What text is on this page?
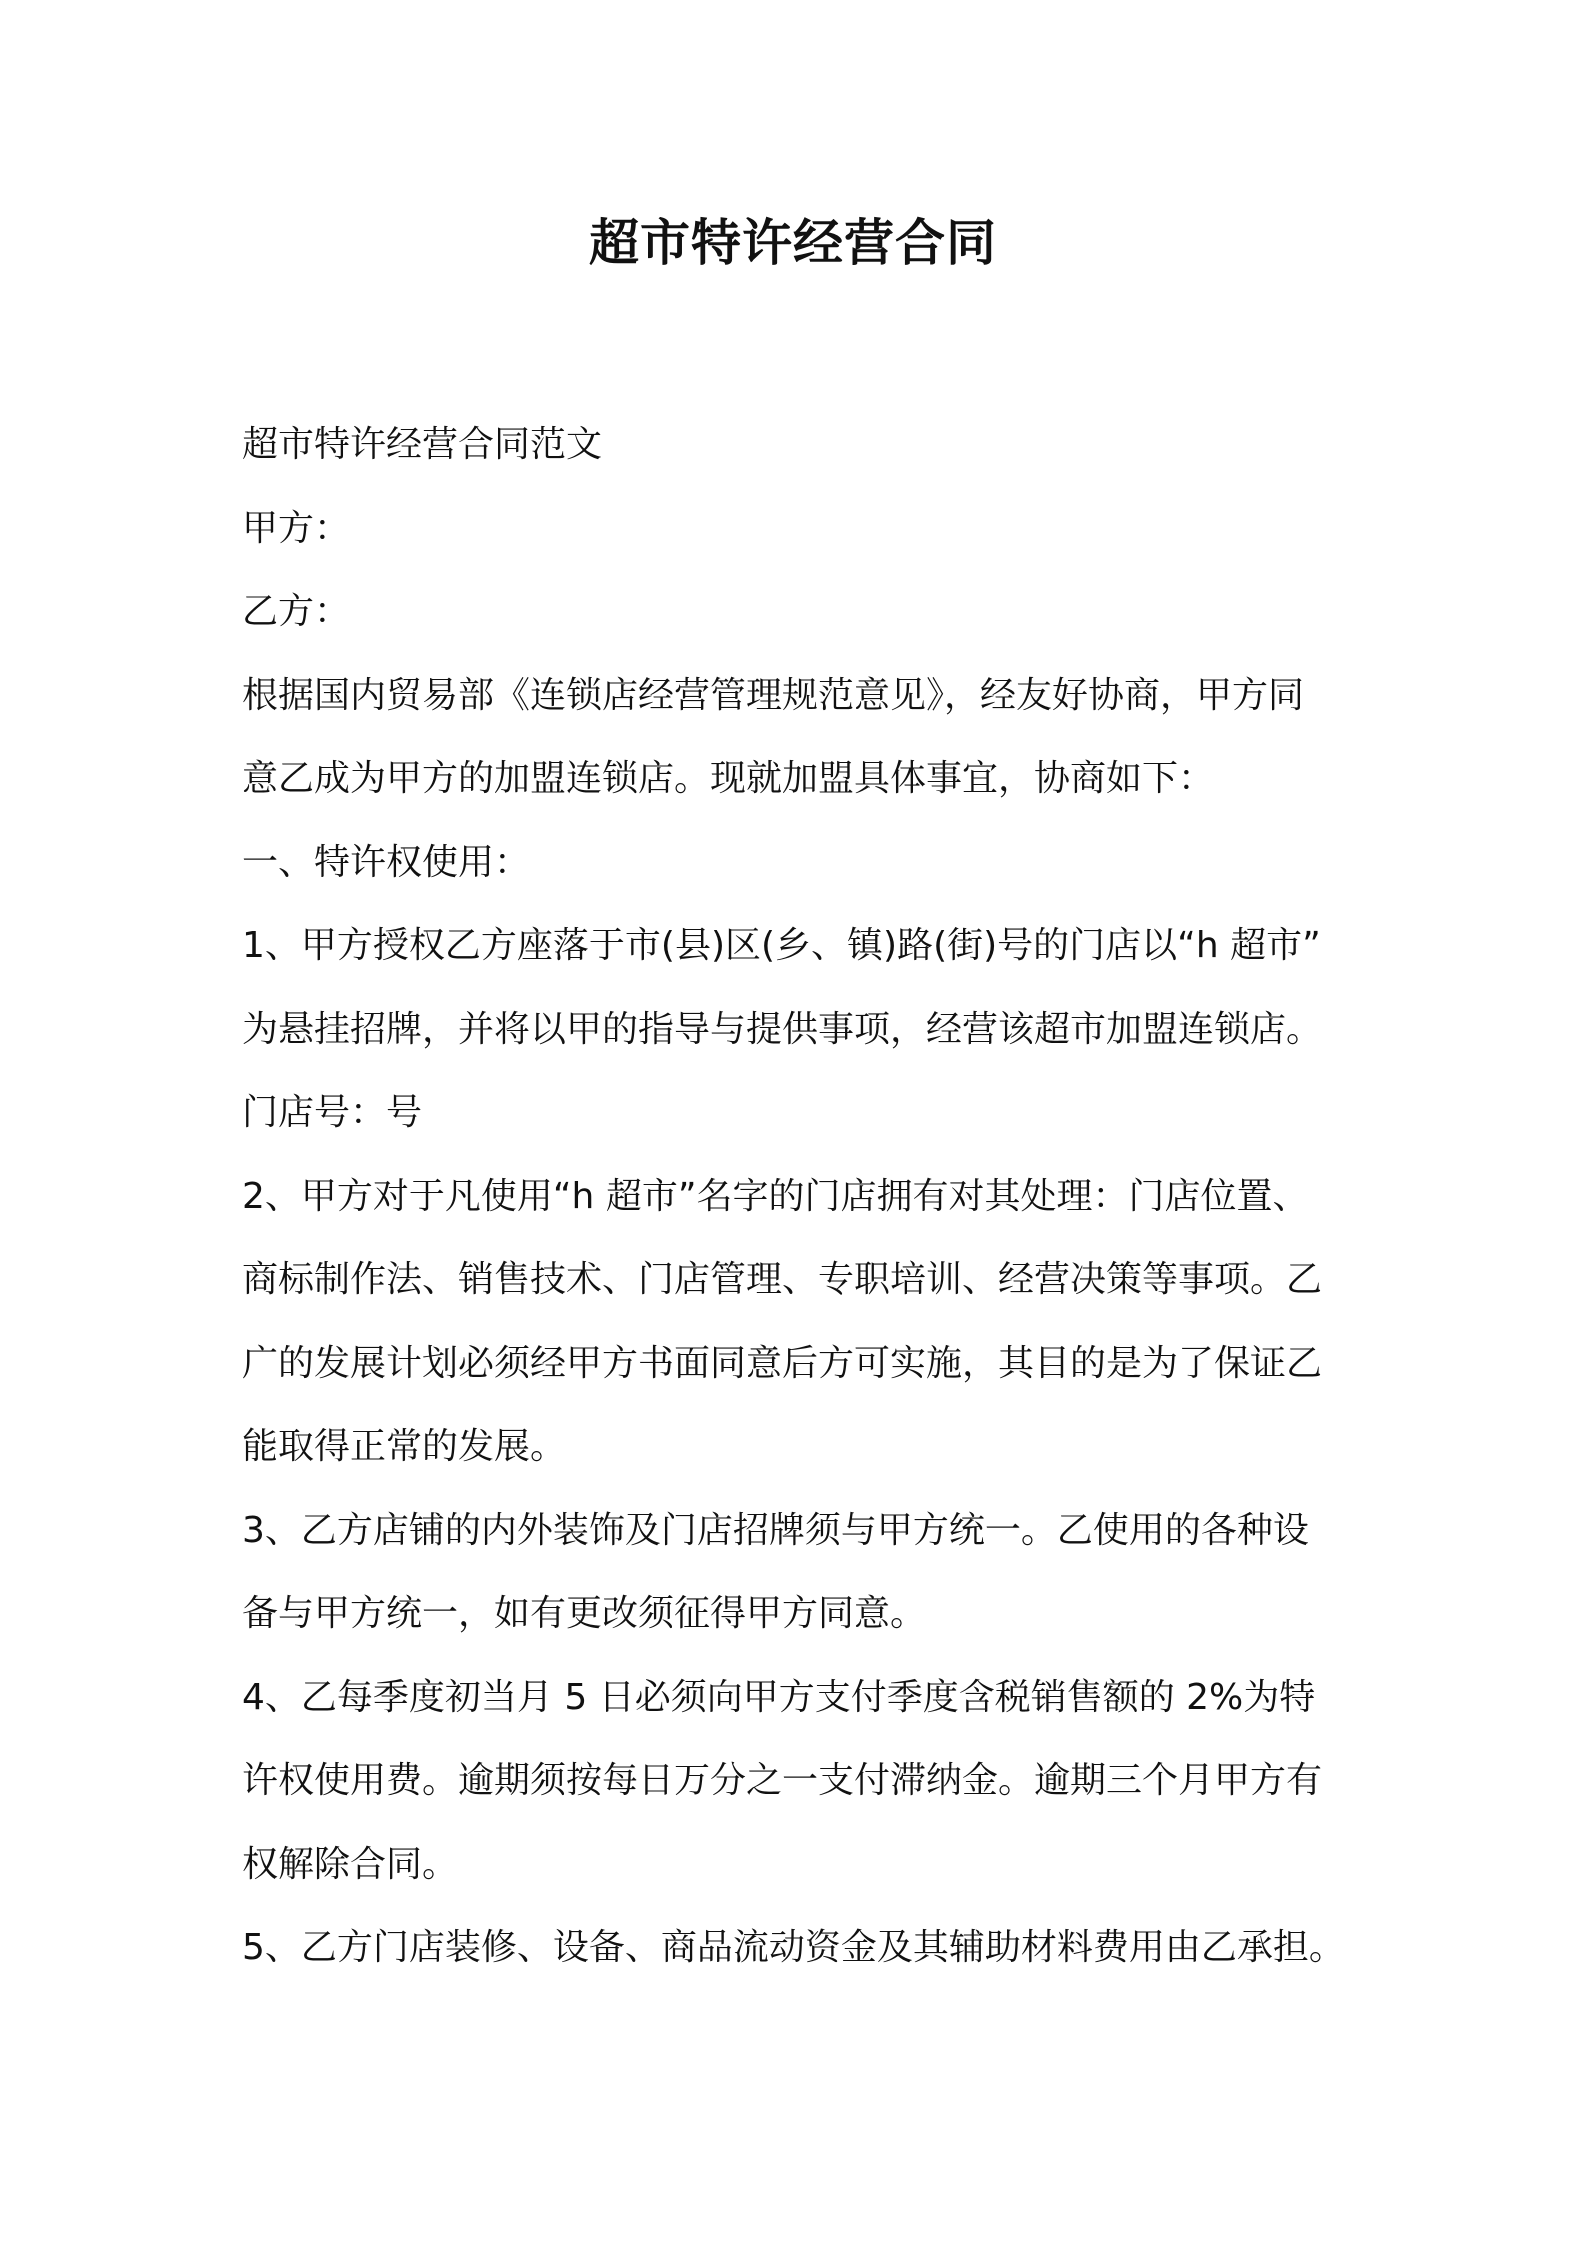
超市特许经营合同

超市特许经营合同范文

甲方：

乙方：

根据国内贸易部《连锁店经营管理规范意见》，经友好协商，甲方同

意乙成为甲方的加盟连锁店。现就加盟具体事宜，协商如下：

一、特许权使用：

1、甲方授权乙方座落于市(县)区(乡、镇)路(街)号的门店以“h 超市”

为悬挂招牌，并将以甲的指导与提供事项，经营该超市加盟连锁店。

门店号：号

2、甲方对于凡使用“h 超市”名字的门店拥有对其处理：门店位置、

商标制作法、销售技术、门店管理、专职培训、经营决策等事项。乙

广的发展计划必须经甲方书面同意后方可实施，其目的是为了保证乙

能取得正常的发展。

3、乙方店铺的内外装饰及门店招牌须与甲方统一。乙使用的各种设

备与甲方统一，如有更改须征得甲方同意。

4、乙每季度初当月 5 日必须向甲方支付季度含税销售额的 2%为特

许权使用费。逾期须按每日万分之一支付滞纳金。逾期三个月甲方有

权解除合同。

5、乙方门店装修、设备、商品流动资金及其辅助材料费用由乙承担。
